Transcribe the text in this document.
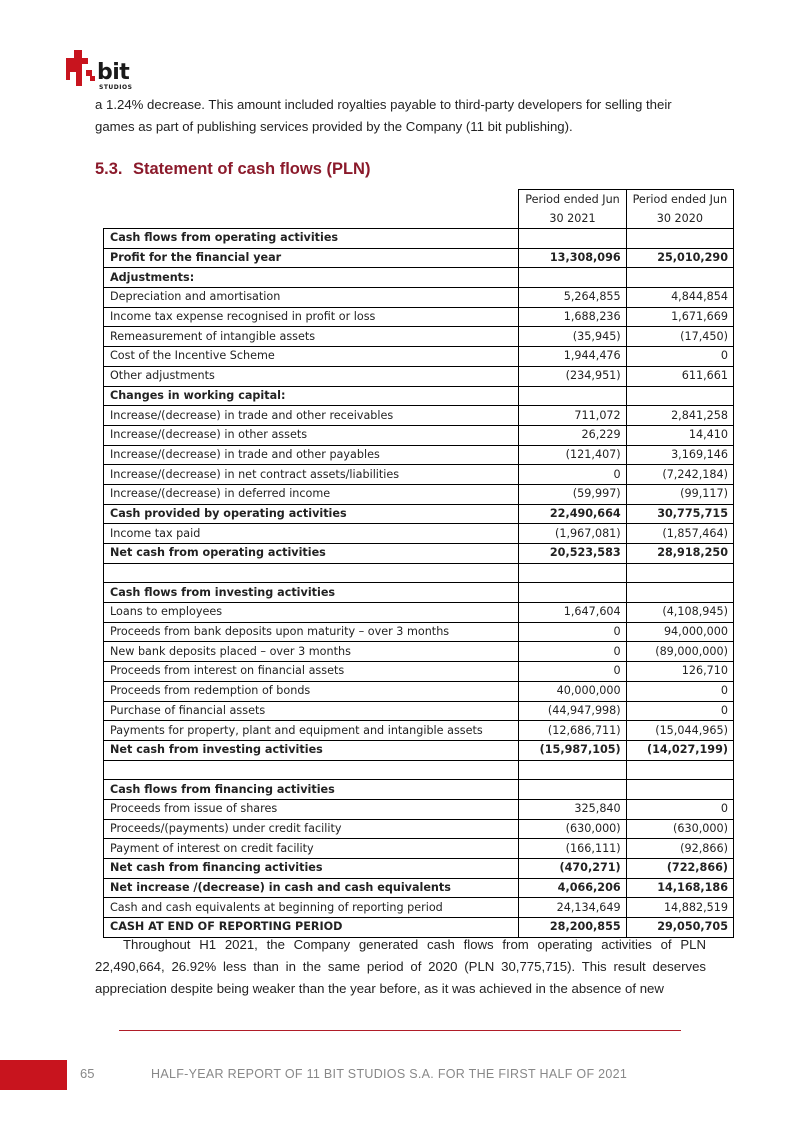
bit
STUDIOS
a 1.24% decrease. This amount included royalties payable to third-party developers for selling their games as part of publishing services provided by the Company (11 bit publishing).
5.3. Statement of cash flows (PLN)
	Period ended Jun 30 2021	Period ended Jun 30 2020
Cash flows from operating activities		
Profit for the financial year	13,308,096	25,010,290
Adjustments:		
Depreciation and amortisation	5,264,855	4,844,854
Income tax expense recognised in profit or loss	1,688,236	1,671,669
Remeasurement of intangible assets	(35,945)	(17,450)
Cost of the Incentive Scheme	1,944,476	0
Other adjustments	(234,951)	611,661
Changes in working capital:		
Increase/(decrease) in trade and other receivables	711,072	2,841,258
Increase/(decrease) in other assets	26,229	14,410
Increase/(decrease) in trade and other payables	(121,407)	3,169,146
Increase/(decrease) in net contract assets/liabilities	0	(7,242,184)
Increase/(decrease) in deferred income	(59,997)	(99,117)
Cash provided by operating activities	22,490,664	30,775,715
Income tax paid	(1,967,081)	(1,857,464)
Net cash from operating activities	20,523,583	28,918,250

Cash flows from investing activities		
Loans to employees	1,647,604	(4,108,945)
Proceeds from bank deposits upon maturity – over 3 months	0	94,000,000
New bank deposits placed – over 3 months	0	(89,000,000)
Proceeds from interest on financial assets	0	126,710
Proceeds from redemption of bonds	40,000,000	0
Purchase of financial assets	(44,947,998)	0
Payments for property, plant and equipment and intangible assets	(12,686,711)	(15,044,965)
Net cash from investing activities	(15,987,105)	(14,027,199)

Cash flows from financing activities		
Proceeds from issue of shares	325,840	0
Proceeds/(payments) under credit facility	(630,000)	(630,000)
Payment of interest on credit facility	(166,111)	(92,866)
Net cash from financing activities	(470,271)	(722,866)
Net increase /(decrease) in cash and cash equivalents	4,066,206	14,168,186
Cash and cash equivalents at beginning of reporting period	24,134,649	14,882,519
CASH AT END OF REPORTING PERIOD	28,200,855	29,050,705
Throughout H1 2021, the Company generated cash flows from operating activities of PLN 22,490,664, 26.92% less than in the same period of 2020 (PLN 30,775,715). This result deserves appreciation despite being weaker than the year before, as it was achieved in the absence of new
65	HALF-YEAR REPORT OF 11 BIT STUDIOS S.A. FOR THE FIRST HALF OF 2021
